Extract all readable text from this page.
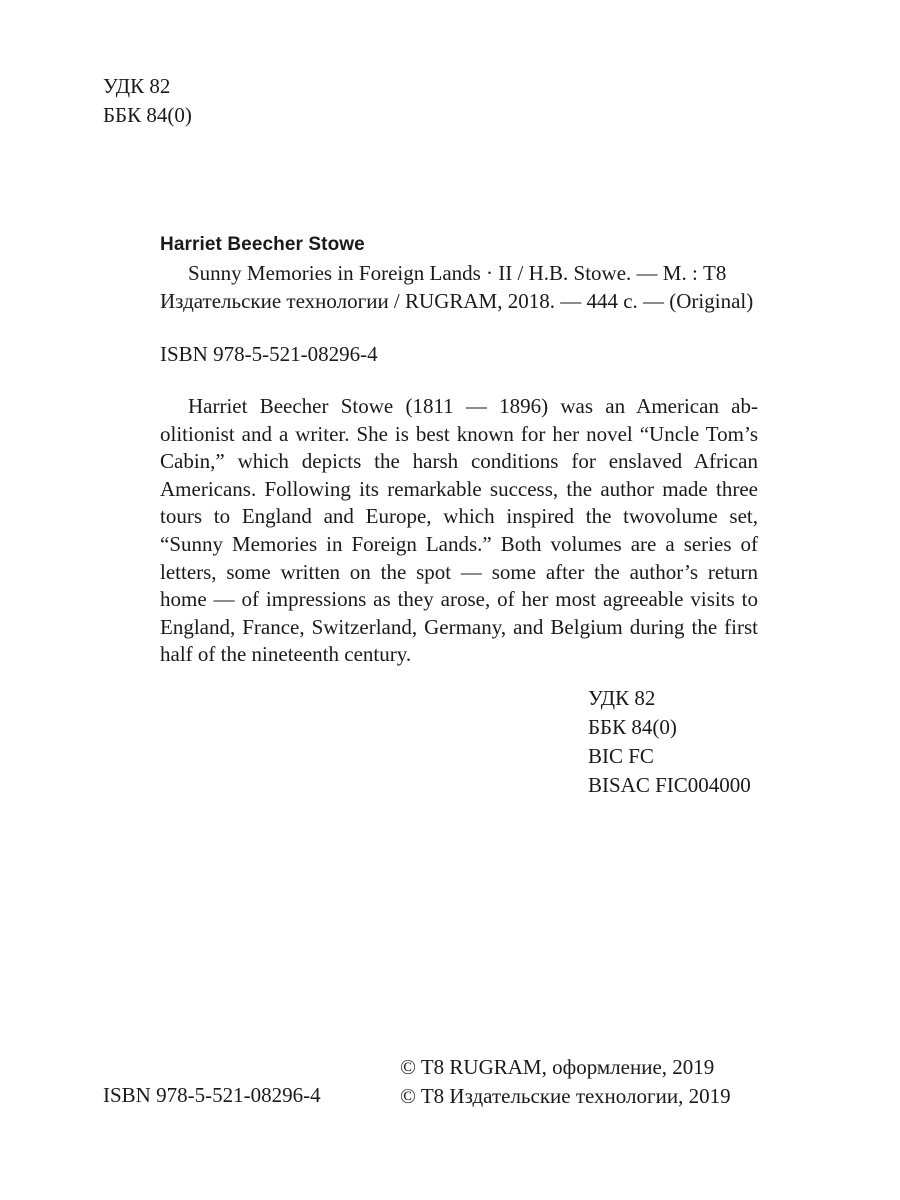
УДК 82
ББК 84(0)
Harriet Beecher Stowe
Sunny Memories in Foreign Lands · II / H.B. Stowe. — М. : T8
Издательские технологии / RUGRAM, 2018. — 444 с. — (Original)
ISBN 978-5-521-08296-4
Harriet Beecher Stowe (1811 — 1896) was an American abolitionist and a writer. She is best known for her novel “Uncle Tom’s Cabin,” which depicts the harsh conditions for enslaved African Americans. Following its remarkable success, the author made three tours to England and Europe, which inspired the twovolume set, “Sunny Memories in Foreign Lands.” Both volumes are a series of letters, some written on the spot — some after the author’s return home — of impressions as they arose, of her most agreeable visits to England, France, Switzerland, Germany, and Belgium during the first half of the nineteenth century.
УДК 82
ББК 84(0)
BIC FC
BISAC FIC004000
ISBN 978-5-521-08296-4
© T8 RUGRAM, оформление, 2019
© T8 Издательские технологии, 2019
